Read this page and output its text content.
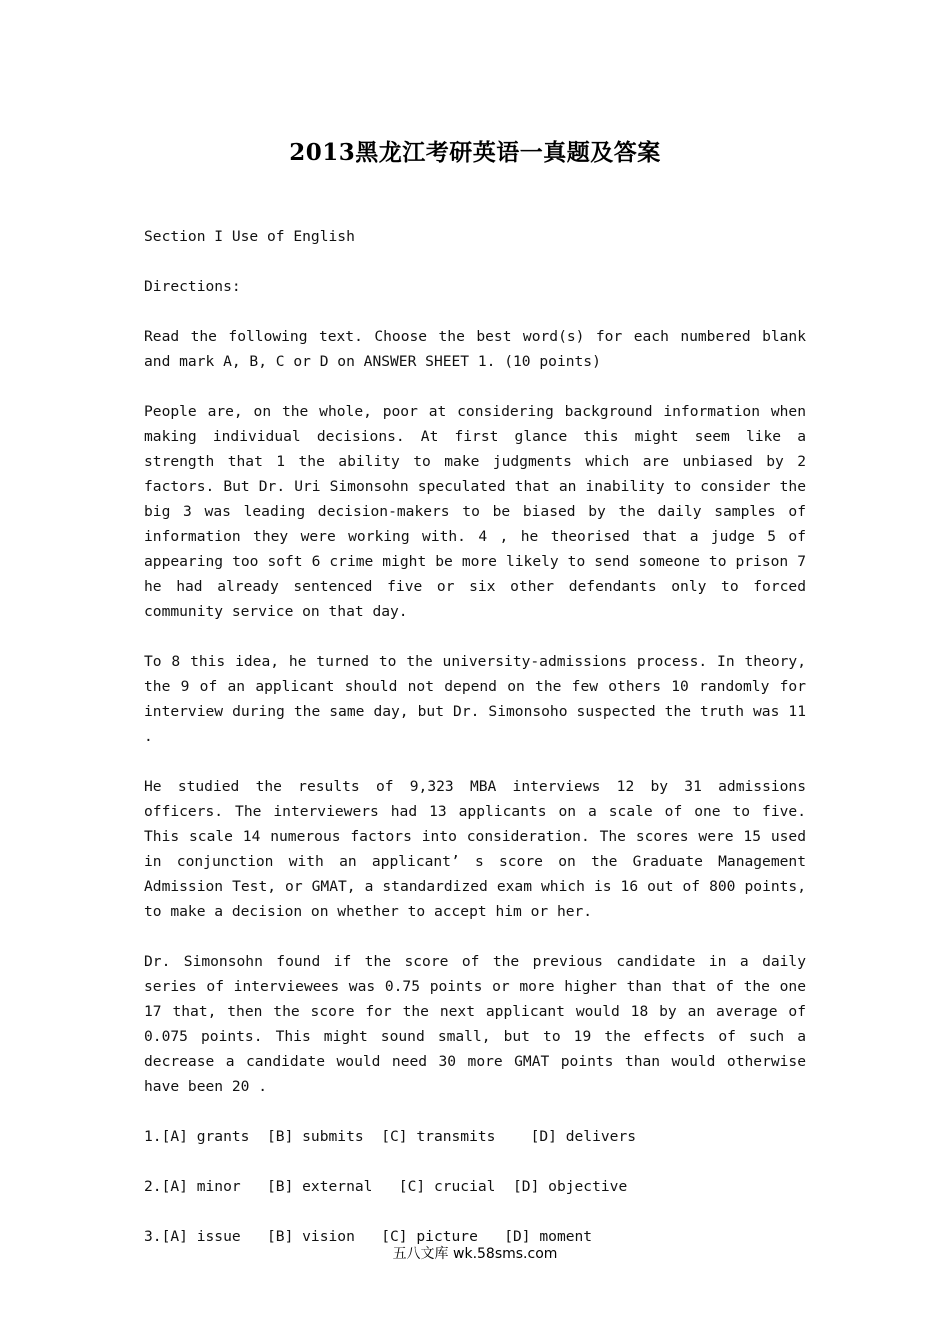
2013黑龙江考研英语一真题及答案

Section I Use of English

Directions:

Read the following text. Choose the best word(s) for each numbered blank and mark A, B, C or D on ANSWER SHEET 1. (10 points)

People are, on the whole, poor at considering background information when making individual decisions. At first glance this might seem like a strength that 1 the ability to make judgments which are unbiased by 2 factors. But Dr. Uri Simonsohn speculated that an inability to consider the big 3 was leading decision-makers to be biased by the daily samples of information they were working with. 4 , he theorised that a judge 5 of appearing too soft 6 crime might be more likely to send someone to prison 7 he had already sentenced five or six other defendants only to forced community service on that day.

To 8 this idea, he turned to the university-admissions process. In theory, the 9 of an applicant should not depend on the few others 10 randomly for interview during the same day, but Dr. Simonsoho suspected the truth was 11 .

He studied the results of 9,323 MBA interviews 12 by 31 admissions officers. The interviewers had 13 applicants on a scale of one to five. This scale 14 numerous factors into consideration. The scores were 15 used in conjunction with an applicant’ s score on the Graduate Management Admission Test, or GMAT, a standardized exam which is 16 out of 800 points, to make a decision on whether to accept him or her.

Dr. Simonsohn found if the score of the previous candidate in a daily series of interviewees was 0.75 points or more higher than that of the one 17 that, then the score for the next applicant would 18 by an average of 0.075 points. This might sound small, but to 19 the effects of such a decrease a candidate would need 30 more GMAT points than would otherwise have been 20 .

1.[A] grants  [B] submits  [C] transmits    [D] delivers

2.[A] minor   [B] external   [C] crucial  [D] objective

3.[A] issue   [B] vision   [C] picture   [D] moment

五八文库 wk.58sms.com
